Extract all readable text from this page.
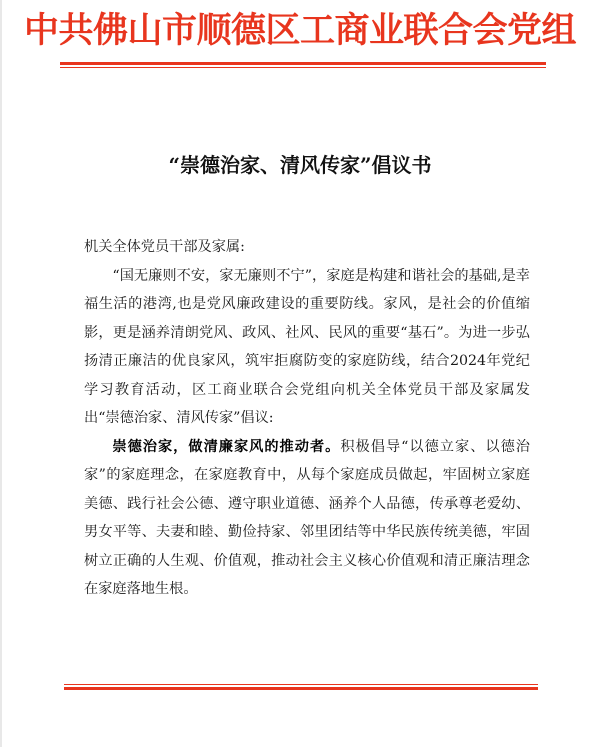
中共佛山市顺德区工商业联合会党组
“崇德治家、清风传家”倡议书

机关全体党员干部及家属:

“国无廉则不安，家无廉则不宁”，家庭是构建和谐社会的基础,是幸福生活的港湾,也是党风廉政建设的重要防线。家风，是社会的价值缩影，更是涵养清朗党风、政风、社风、民风的重要“基石”。为进一步弘扬清正廉洁的优良家风，筑牢拒腐防变的家庭防线，结合2024年党纪学习教育活动，区工商业联合会党组向机关全体党员干部及家属发出“崇德治家、清风传家”倡议:

崇德治家，做清廉家风的推动者。积极倡导“以德立家、以德治家”的家庭理念，在家庭教育中，从每个家庭成员做起，牢固树立家庭美德、践行社会公德、遵守职业道德、涵养个人品德，传承尊老爱幼、男女平等、夫妻和睦、勤俭持家、邻里团结等中华民族传统美德，牢固树立正确的人生观、价值观，推动社会主义核心价值观和清正廉洁理念在家庭落地生根。
